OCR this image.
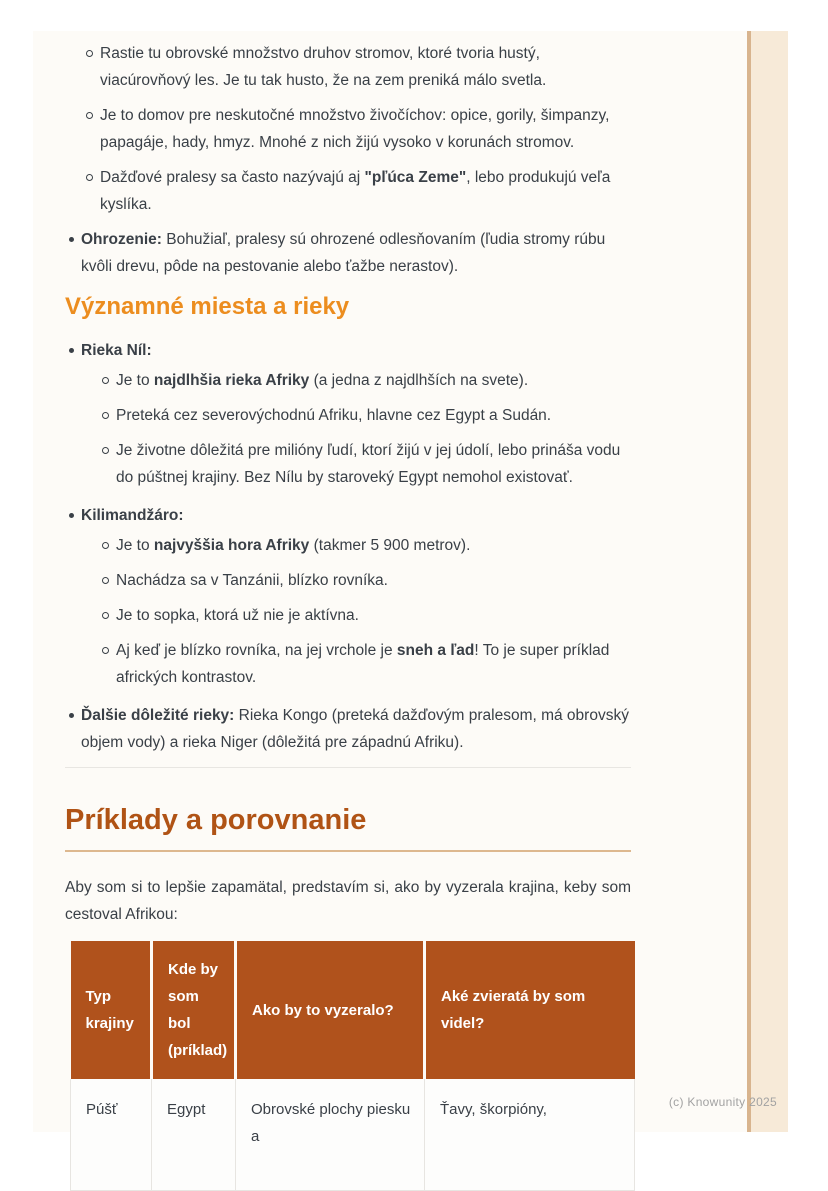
Rastie tu obrovské množstvo druhov stromov, ktoré tvoria hustý, viacúrovňový les. Je tu tak husto, že na zem preniká málo svetla.
Je to domov pre neskutočné množstvo živočíchov: opice, gorily, šimpanzy, papagáje, hady, hmyz. Mnohé z nich žijú vysoko v korunách stromov.
Dažďové pralesy sa často nazývajú aj "pľúca Zeme", lebo produkujú veľa kyslíka.
Ohrozenie: Bohužiaľ, pralesy sú ohrozené odlesňovaním (ľudia stromy rúbu kvôli drevu, pôde na pestovanie alebo ťažbe nerastov).
Významné miesta a rieky
Rieka Níl:
Je to najdlhšia rieka Afriky (a jedna z najdlhších na svete).
Preteká cez severovýchodnú Afriku, hlavne cez Egypt a Sudán.
Je životne dôležitá pre milióny ľudí, ktorí žijú v jej údolí, lebo prináša vodu do púštnej krajiny. Bez Nílu by staroveký Egypt nemohol existovať.
Kilimandžáro:
Je to najvyššia hora Afriky (takmer 5 900 metrov).
Nachádza sa v Tanzánii, blízko rovníka.
Je to sopka, ktorá už nie je aktívna.
Aj keď je blízko rovníka, na jej vrchole je sneh a ľad! To je super príklad afrických kontrastov.
Ďalšie dôležité rieky: Rieka Kongo (preteká dažďovým pralesom, má obrovský objem vody) a rieka Niger (dôležitá pre západnú Afriku).
Príklady a porovnanie

Aby som si to lepšie zapamätal, predstavím si, ako by vyzerala krajina, keby som cestoval Afrikou:

Typ krajiny	Kde by som bol (príklad)	Ako by to vyzeralo?	Aké zvieratá by som videl?
Púšť	Egypt	Obrovské plochy piesku a	Ťavy, škorpióny,	(c) Knowunity 2025
